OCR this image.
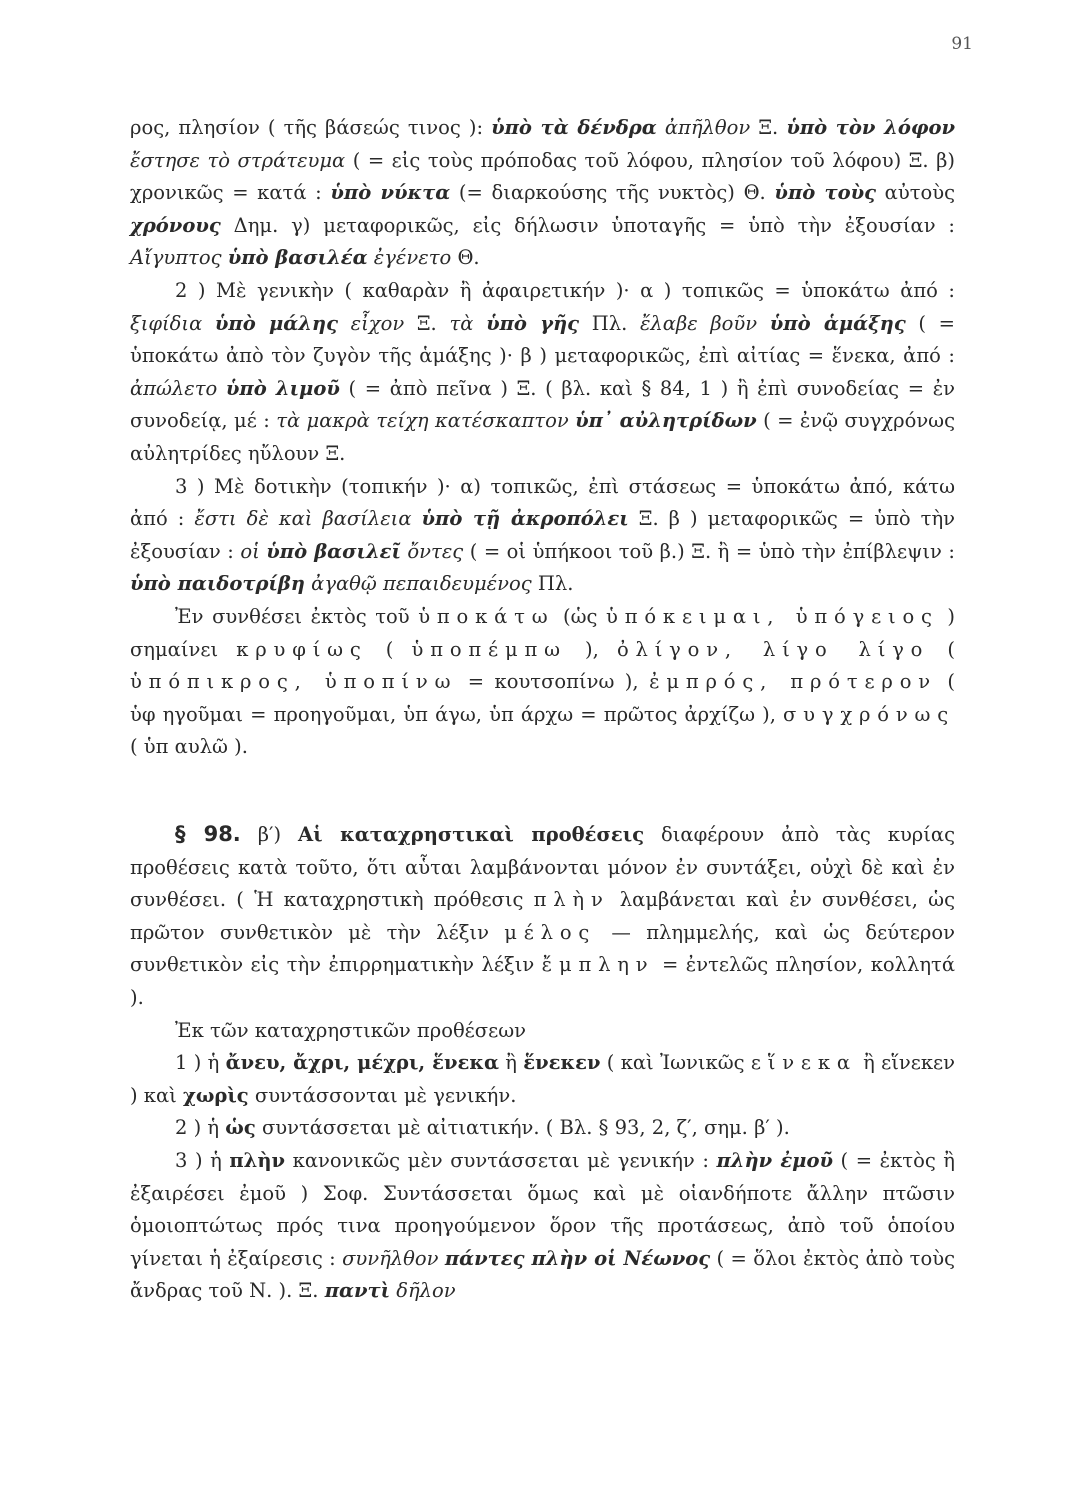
91

ρος, πλησίον ( τῆς βάσεώς τινος ): ὑπὸ τὰ δένδρα ἀπῆλθον Ξ. ὑπὸ τὸν λόφον ἔστησε τὸ στράτευμα ( = εἰς τοὺς πρόποδας τοῦ λόφου, πλησίον τοῦ λόφου) Ξ. β) χρονικῶς = κατά : ὑπὸ νύκτα (= διαρκούσης τῆς νυκτὸς) Θ. ὑπὸ τοὺς αὐτοὺς χρόνους Δημ. γ) μεταφορικῶς, εἰς δήλωσιν ὑποταγῆς = ὑπὸ τὴν ἐξουσίαν : Αἴγυπτος ὑπὸ βασιλέα ἐγένετο Θ.

2 ) Μὲ γενικὴν ( καθαρὰν ἢ ἀφαιρετικήν )· α ) τοπικῶς = ὑποκάτω ἀπό : ξιφίδια ὑπὸ μάλης εἶχον Ξ. τὰ ὑπὸ γῆς Πλ. ἔλαβε βοῦν ὑπὸ ἁμάξης ( = ὑποκάτω ἀπὸ τὸν ζυγὸν τῆς ἁμάξης )· β ) μεταφορικῶς, ἐπὶ αἰτίας = ἕνεκα, ἀπό : ἀπώλετο ὑπὸ λιμοῦ ( = ἀπὸ πεῖνα ) Ξ. ( βλ. καὶ § 84, 1 ) ἢ ἐπὶ συνοδείας = ἐν συνοδείᾳ, μέ : τὰ μακρὰ τείχη κατέσκαπτον ὑπ᾽ αὐλητρίδων ( = ἐνῷ συγχρόνως αὐλητρίδες ηὔλουν Ξ.

3 ) Μὲ δοτικὴν (τοπικήν )· α) τοπικῶς, ἐπὶ στάσεως = ὑποκάτω ἀπό, κάτω ἀπό : ἔστι δὲ καὶ βασίλεια ὑπὸ τῇ ἀκροπόλει Ξ. β ) μεταφορικῶς = ὑπὸ τὴν ἐξουσίαν : οἱ ὑπὸ βασιλεῖ ὄντες ( = οἱ ὑπήκοοι τοῦ β.) Ξ. ἢ = ὑπὸ τὴν ἐπίβλεψιν : ὑπὸ παιδοτρίβη ἀγαθῷ πεπαιδευμένος Πλ.

Ἐν συνθέσει ἐκτὸς τοῦ ὑποκάτω (ὡς ὑπόκειμαι, ὑπόγειος ) σημαίνει κρυφίως ( ὑποπέμπω ), ὀλίγον, λίγο λίγο ( ὑπόπικρος, ὑποπίνω = κουτσοπίνω ), ἐμπρός, πρότερον ( ὑφ ηγοῦμαι = προηγοῦμαι, ὑπ άγω, ὑπ άρχω = πρῶτος ἀρχίζω ), συγχρόνως ( ὑπ αυλῶ ).

§ 98. β′) Αἱ καταχρηστικαὶ προθέσεις διαφέρουν ἀπὸ τὰς κυρίας προθέσεις κατὰ τοῦτο, ὅτι αὗται λαμβάνονται μόνον ἐν συντάξει, οὐχὶ δὲ καὶ ἐν συνθέσει. ( Ἡ καταχρηστικὴ πρόθεσις πλὴν λαμβάνεται καὶ ἐν συνθέσει, ὡς πρῶτον συνθετικὸν μὲ τὴν λέξιν μέλος — πλημμελής, καὶ ὡς δεύτερον συνθετικὸν εἰς τὴν ἐπιρρηματικὴν λέξιν ἔμπλην = ἐντελῶς πλησίον, κολλητά ).

Ἐκ τῶν καταχρηστικῶν προθέσεων

1 ) ἡ ἄνευ, ἄχρι, μέχρι, ἕνεκα ἢ ἕνεκεν ( καὶ Ἰωνικῶς εἵνεκα ἢ εἵνεκεν ) καὶ χωρὶς συντάσσονται μὲ γενικήν.

2 ) ἡ ὡς συντάσσεται μὲ αἰτιατικήν. ( Βλ. § 93, 2, ζ′, σημ. β′ ).

3 ) ἡ πλὴν κανονικῶς μὲν συντάσσεται μὲ γενικήν : πλὴν ἐμοῦ ( = ἐκτὸς ἢ ἐξαιρέσει ἐμοῦ ) Σοφ. Συντάσσεται ὅμως καὶ μὲ οἱανδήποτε ἄλλην πτῶσιν ὁμοιοπτώτως πρός τινα προηγούμενον ὅρον τῆς προτάσεως, ἀπὸ τοῦ ὁποίου γίνεται ἡ ἐξαίρεσις : συνῆλθον πάντες πλὴν οἱ Νέωνος ( = ὅλοι ἐκτὸς ἀπὸ τοὺς ἄνδρας τοῦ Ν. ). Ξ. παντὶ δῆλον
